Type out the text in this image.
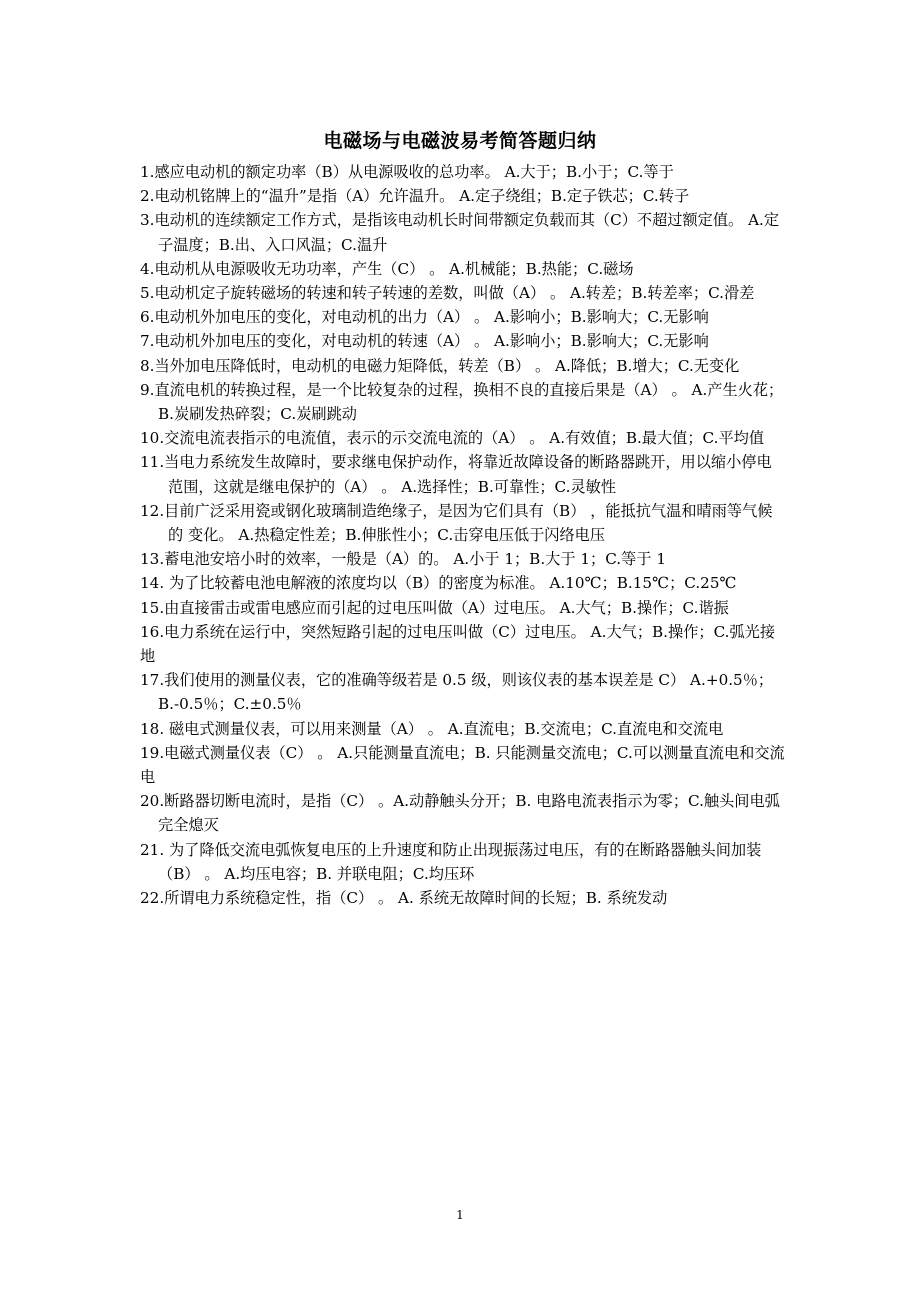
电磁场与电磁波易考简答题归纳

1.感应电动机的额定功率（B）从电源吸收的总功率。 A.大于；B.小于；C.等于

2.电动机铭牌上的“温升”是指（A）允许温升。 A.定子绕组；B.定子铁芯；C.转子

3.电动机的连续额定工作方式，是指该电动机长时间带额定负载而其（C）不超过额定值。 A.定子温度；B.出、入口风温；C.温升

4.电动机从电源吸收无功功率，产生（C） 。 A.机械能；B.热能；C.磁场

5.电动机定子旋转磁场的转速和转子转速的差数，叫做（A） 。 A.转差；B.转差率；C.滑差

6.电动机外加电压的变化，对电动机的出力（A） 。 A.影响小；B.影响大；C.无影响

7.电动机外加电压的变化，对电动机的转速（A） 。 A.影响小；B.影响大；C.无影响

8.当外加电压降低时，电动机的电磁力矩降低，转差（B） 。 A.降低；B.增大；C.无变化

9.直流电机的转换过程，是一个比较复杂的过程，换相不良的直接后果是（A） 。 A.产生火花；B.炭刷发热碎裂；C.炭刷跳动

10.交流电流表指示的电流值，表示的示交流电流的（A） 。 A.有效值；B.最大值；C.平均值

11.当电力系统发生故障时，要求继电保护动作，将靠近故障设备的断路器跳开，用以缩小停电 范围，这就是继电保护的（A） 。 A.选择性；B.可靠性；C.灵敏性

12.目前广泛采用瓷或钢化玻璃制造绝缘子，是因为它们具有（B） ，能抵抗气温和晴雨等气候的 变化。 A.热稳定性差；B.伸胀性小；C.击穿电压低于闪络电压

13.蓄电池安培小时的效率，一般是（A）的。 A.小于 1；B.大于 1；C.等于 1

14. 为了比较蓄电池电解液的浓度均以（B）的密度为标准。 A.10℃；B.15℃；C.25℃

15.由直接雷击或雷电感应而引起的过电压叫做（A）过电压。 A.大气；B.操作；C.谐振

16.电力系统在运行中，突然短路引起的过电压叫做（C）过电压。 A.大气；B.操作；C.弧光接地

17.我们使用的测量仪表，它的准确等级若是 0.5 级，则该仪表的基本误差是 C） A.+0.5％；B.-0.5％；C.±0.5％

18. 磁电式测量仪表，可以用来测量（A） 。 A.直流电；B.交流电；C.直流电和交流电

19.电磁式测量仪表（C） 。 A.只能测量直流电；B. 只能测量交流电；C.可以测量直流电和交流电

20.断路器切断电流时，是指（C） 。A.动静触头分开；B. 电路电流表指示为零；C.触头间电弧完全熄灭

21. 为了降低交流电弧恢复电压的上升速度和防止出现振荡过电压，有的在断路器触头间加装 （B） 。 A.均压电容；B. 并联电阻；C.均压环

22.所谓电力系统稳定性，指（C） 。 A. 系统无故障时间的长短；B. 系统发动

1
